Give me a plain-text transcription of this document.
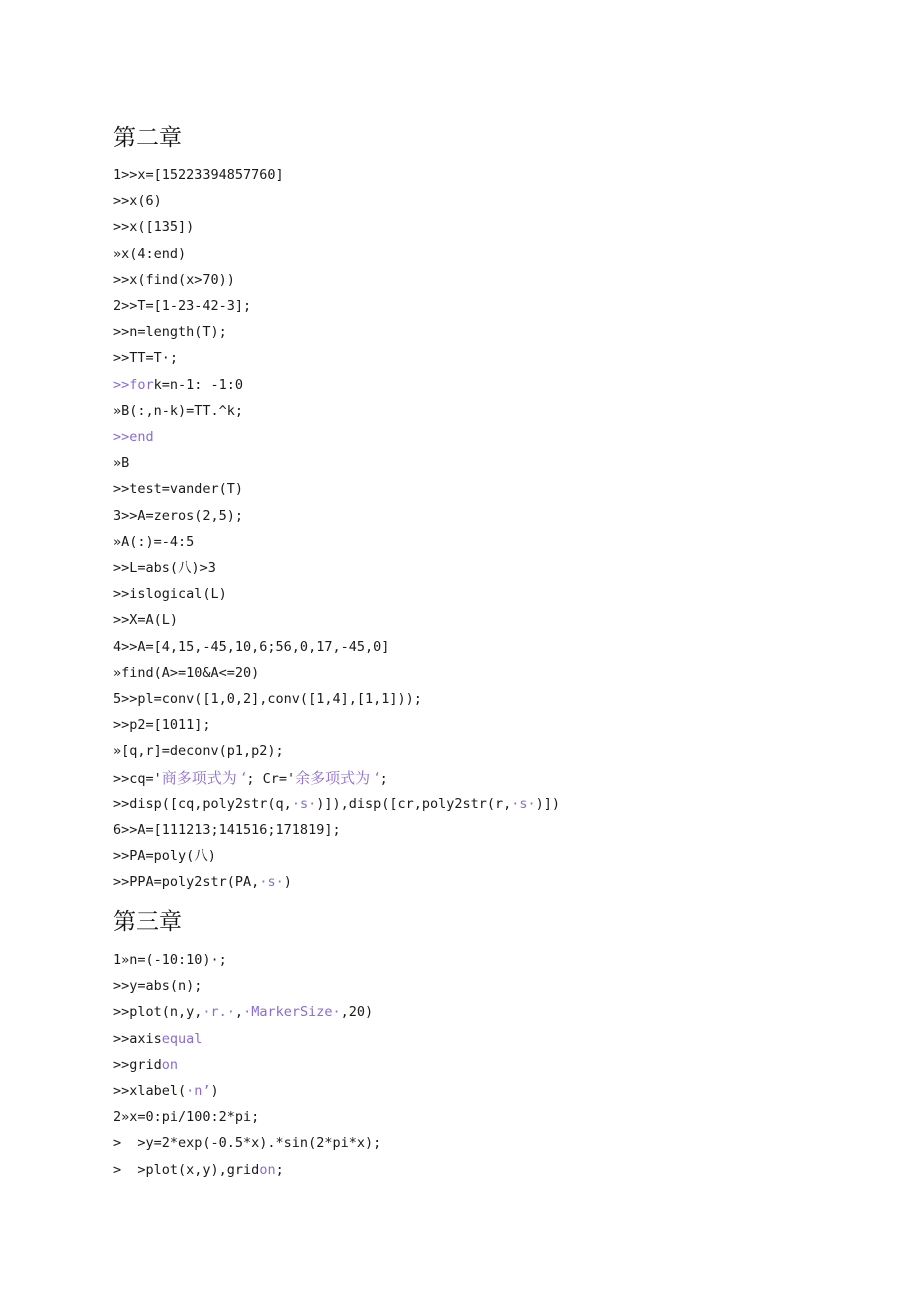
第二章
1>>x=[15223394857760]
>>x(6)
>>x([135])
»x(4:end)
>>x(find(x>70))
2>>T=[1-23-42-3];
>>n=length(T);
>>TT=T·;
>>fork=n-1: -1:0
»B(:,n-k)=TT.^k;
>>end
»B
>>test=vander(T)
3>>A=zeros(2,5);
»A(:)=-4:5
>>L=abs(八)>3
>>islogical(L)
>>X=A(L)
4>>A=[4,15,-45,10,6;56,0,17,-45,0]
»find(A>=10&A<=20)
5>>pl=conv([1,0,2],conv([1,4],[1,1]));
>>p2=[1011];
»[q,r]=deconv(p1,p2);
>>cq='商多项式为 ‘; Cr='余多项式为 ‘;
>>disp([cq,poly2str(q,·s·)]),disp([cr,poly2str(r,·s·)])
6>>A=[111213;141516;171819];
>>PA=poly(八)
>>PPA=poly2str(PA,·s·)
第三章
1»n=(-10:10)·;
>>y=abs(n);
>>plot(n,y,·r.·,·MarkerSize·,20)
>>axisequal
>>gridon
>>xlabel(·n’)
2»x=0:pi/100:2*pi;
>  >y=2*exp(-0.5*x).*sin(2*pi*x);
>  >plot(x,y),gridon;
